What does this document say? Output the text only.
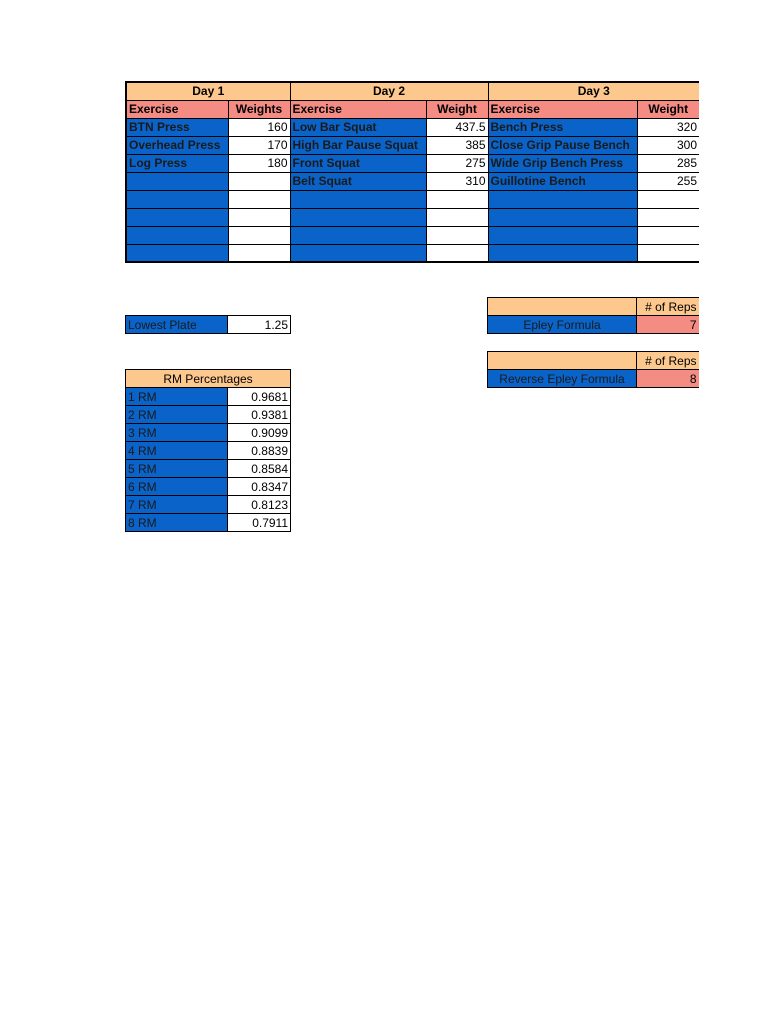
Day 1		Day 2		Day 3	
Exercise	Weights	Exercise	Weight	Exercise	Weight
BTN Press	160	Low Bar Squat	437.5	Bench Press	320
Overhead Press	170	High Bar Pause Squat	385	Close Grip Pause Bench	300
Log Press	180	Front Squat	275	Wide Grip Bench Press	285
		Belt Squat	310	Guillotine Bench	255

Lowest Plate	1.25
	# of Reps
Epley Formula	7
	# of Reps
Reverse Epley Formula	8
RM Percentages	
1 RM	0.9681
2 RM	0.9381
3 RM	0.9099
4 RM	0.8839
5 RM	0.8584
6 RM	0.8347
7 RM	0.8123
8 RM	0.7911
